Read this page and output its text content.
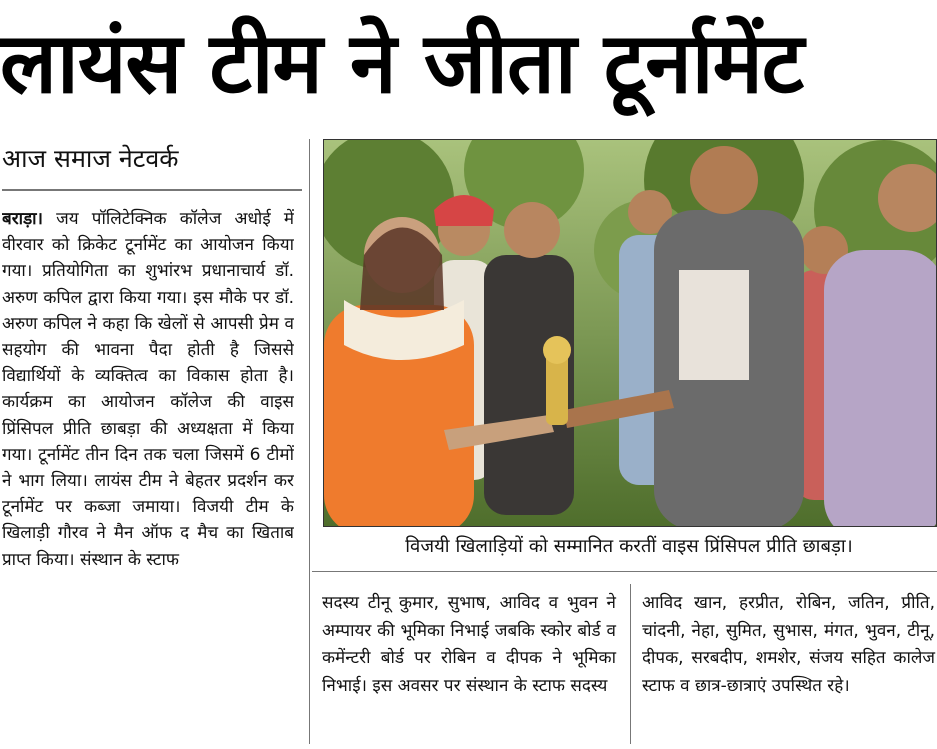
लायंस टीम ने जीता टूर्नामेंट
आज समाज नेटवर्क
बराड़ा। जय पॉलिटेक्निक कॉलेज अधोई में वीरवार को क्रिकेट टूर्नामेंट का आयोजन किया गया। प्रतियोगिता का शुभांरभ प्रधानाचार्य डॉ. अरुण कपिल द्वारा किया गया। इस मौके पर डॉ. अरुण कपिल ने कहा कि खेलों से आपसी प्रेम व सहयोग की भावना पैदा होती है जिससे विद्यार्थियों के व्यक्तित्व का विकास होता है। कार्यक्रम का आयोजन कॉलेज की वाइस प्रिंसिपल प्रीति छाबड़ा की अध्यक्षता में किया गया। टूर्नामेंट तीन दिन तक चला जिसमें 6 टीमों ने भाग लिया। लायंस टीम ने बेहतर प्रदर्शन कर टूर्नामेंट पर कब्जा जमाया। विजयी टीम के खिलाड़ी गौरव ने मैन ऑफ द मैच का खिताब प्राप्त किया। संस्थान के स्टाफ
विजयी खिलाड़ियों को सम्मानित करतीं वाइस प्रिंसिपल प्रीति छाबड़ा।
सदस्य टीनू कुमार, सुभाष, आविद व भुवन ने अम्पायर की भूमिका निभाई जबकि स्कोर बोर्ड व कमेंन्टरी बोर्ड पर रोबिन व दीपक ने भूमिका निभाई। इस अवसर पर संस्थान के स्टाफ सदस्य
आविद खान, हरप्रीत, रोबिन, जतिन, प्रीति, चांदनी, नेहा, सुमित, सुभास, मंगत, भुवन, टीनू, दीपक, सरबदीप, शमशेर, संजय सहित कालेज स्टाफ व छात्र-छात्राएं उपस्थित रहे।
